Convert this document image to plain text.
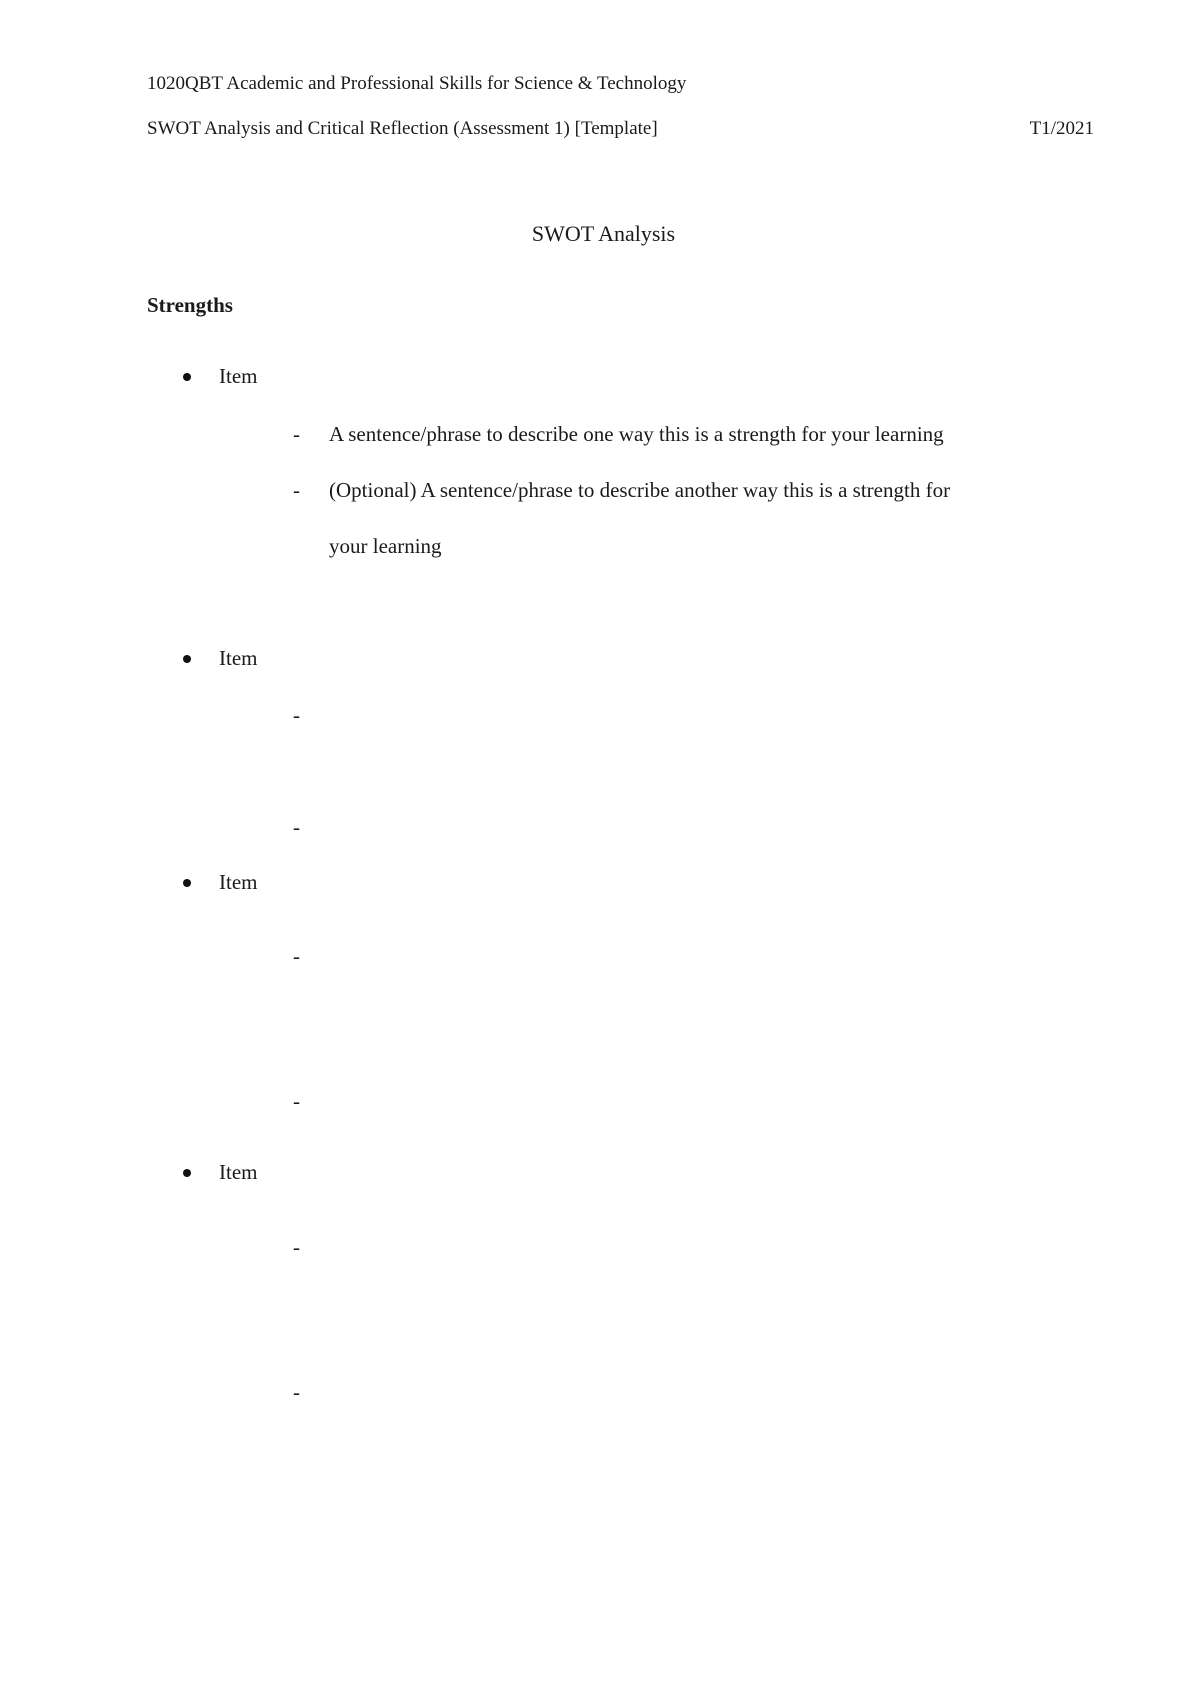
1020QBT Academic and Professional Skills for Science & Technology
SWOT Analysis and Critical Reflection (Assessment 1) [Template]	T1/2021
SWOT Analysis
Strengths
Item
- A sentence/phrase to describe one way this is a strength for your learning
- (Optional) A sentence/phrase to describe another way this is a strength for
your learning
Item
-
-
Item
-
-
Item
-
-
